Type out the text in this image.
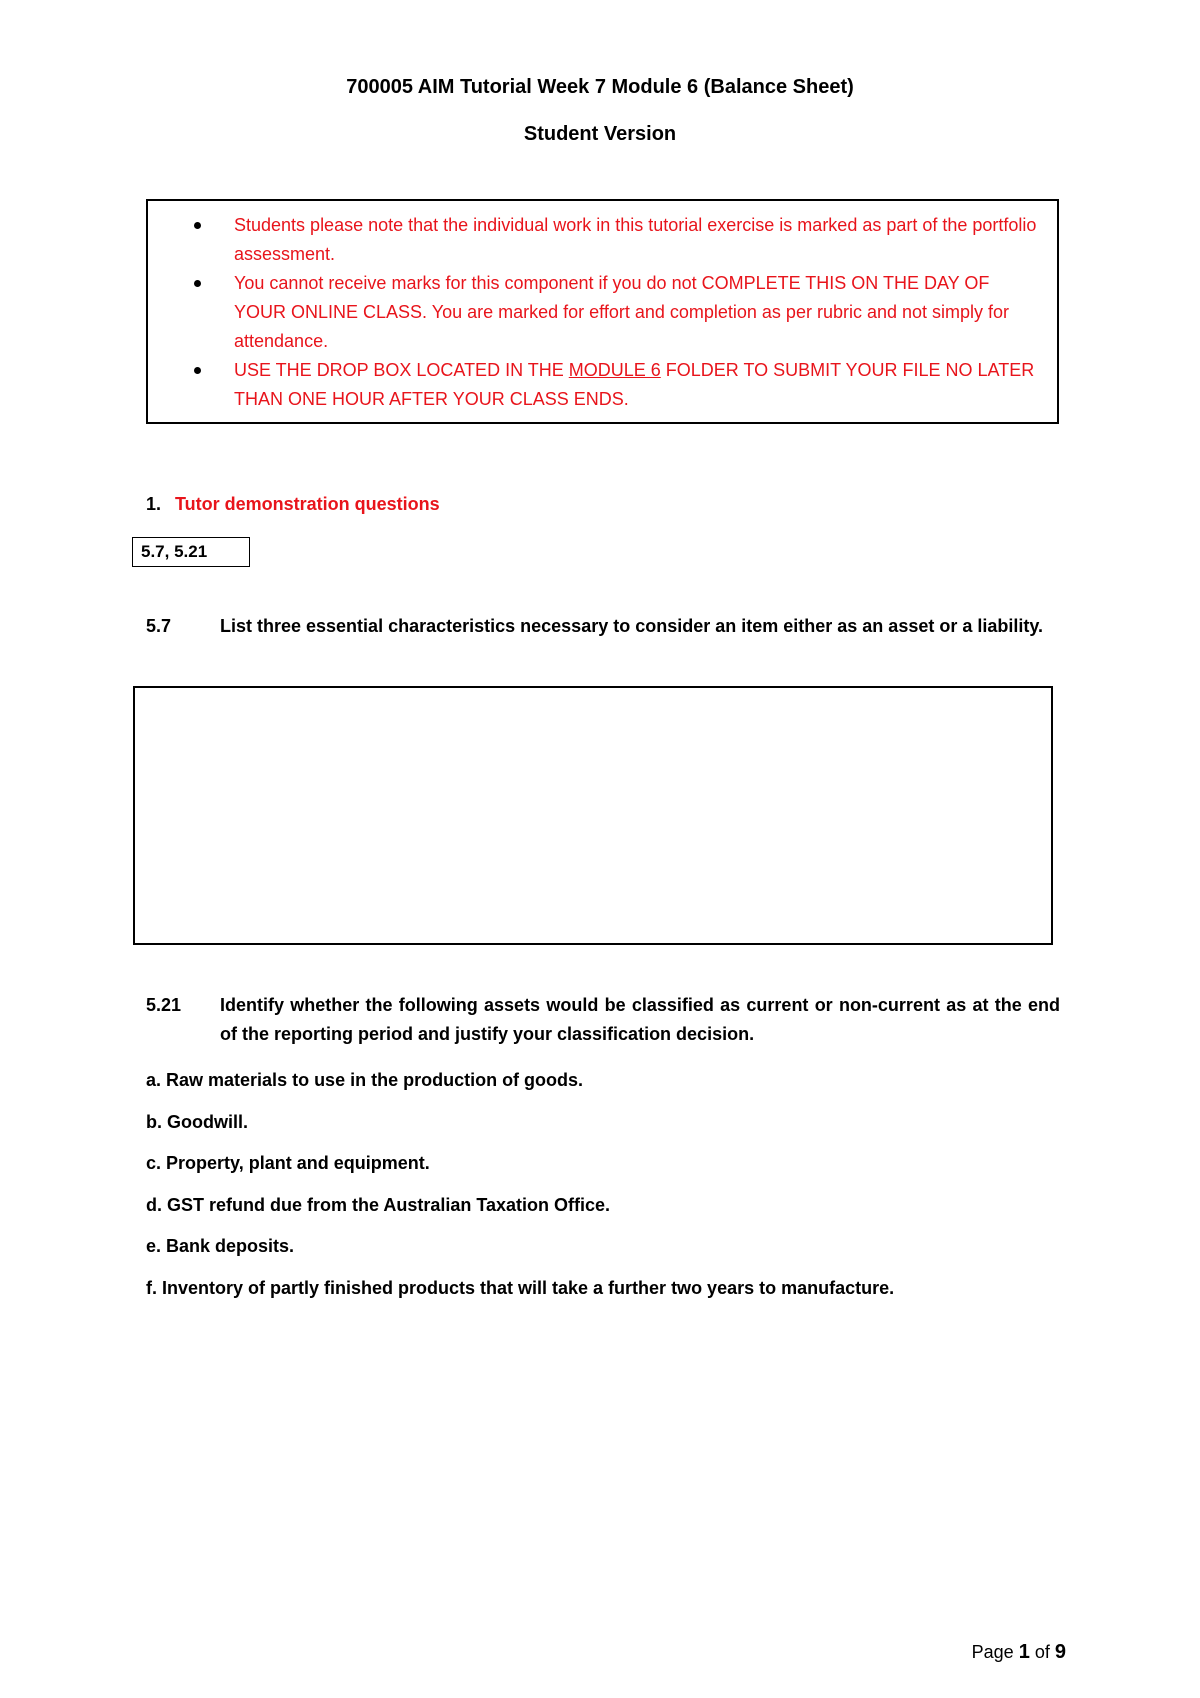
700005 AIM Tutorial Week 7 Module 6 (Balance Sheet)
Student Version
Students please note that the individual work in this tutorial exercise is marked as part of the portfolio assessment.
You cannot receive marks for this component if you do not COMPLETE THIS ON THE DAY OF YOUR ONLINE CLASS. You are marked for effort and completion as per rubric and not simply for attendance.
USE THE DROP BOX LOCATED IN THE MODULE 6 FOLDER TO SUBMIT YOUR FILE NO LATER THAN ONE HOUR AFTER YOUR CLASS ENDS.
1. Tutor demonstration questions
5.7, 5.21
5.7	List three essential characteristics necessary to consider an item either as an asset or a liability.
5.21 Identify whether the following assets would be classified as current or non-current as at the end of the reporting period and justify your classification decision.
a. Raw materials to use in the production of goods.
b. Goodwill.
c. Property, plant and equipment.
d. GST refund due from the Australian Taxation Office.
e. Bank deposits.
f. Inventory of partly finished products that will take a further two years to manufacture.
Page 1 of 9
